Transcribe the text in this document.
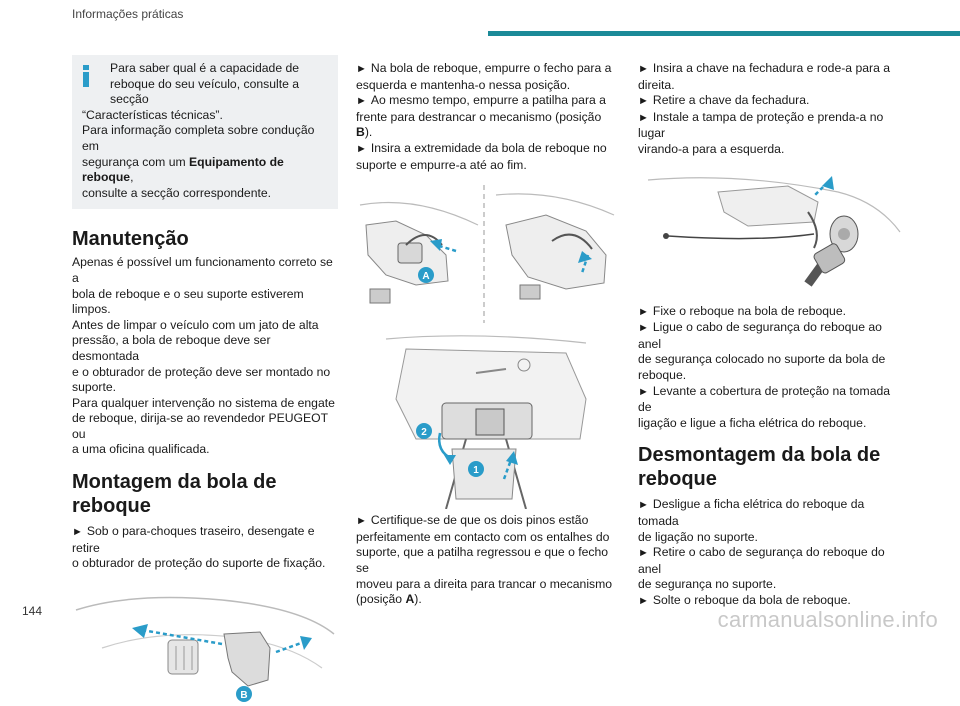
Informações práticas

Para saber qual é a capacidade de

reboque do seu veículo, consulte a secção

“Características técnicas”.

Para informação completa sobre condução em

segurança com um Equipamento de reboque,

consulte a secção correspondente.

Manutenção

Apenas é possível um funcionamento correto se a

bola de reboque e o seu suporte estiverem limpos.

Antes de limpar o veículo com um jato de alta

pressão, a bola de reboque deve ser desmontada

e o obturador de proteção deve ser montado no

suporte.

Para qualquer intervenção no sistema de engate

de reboque, dirija-se ao revendedor PEUGEOT ou

a uma oficina qualificada.

Montagem da bola de
reboque

► Sob o para-choques traseiro, desengate e retire

o obturador de proteção do suporte de fixação.

B

► Na bola de reboque, empurre o fecho para a

esquerda e mantenha-o nessa posição.

► Ao mesmo tempo, empurre a patilha para a

frente para destrancar o mecanismo (posição B).

► Insira a extremidade da bola de reboque no

suporte e empurre-a até ao fim.

A
2
1

► Certifique-se de que os dois pinos estão

perfeitamente em contacto com os entalhes do

suporte, que a patilha regressou e que o fecho se

moveu para a direita para trancar o mecanismo

(posição A).

► Insira a chave na fechadura e rode-a para a

direita.

► Retire a chave da fechadura.

► Instale a tampa de proteção e prenda-a no lugar

virando-a para a esquerda.

► Fixe o reboque na bola de reboque.

► Ligue o cabo de segurança do reboque ao anel

de segurança colocado no suporte da bola de

reboque.

► Levante a cobertura de proteção na tomada de

ligação e ligue a ficha elétrica do reboque.

Desmontagem da bola de
reboque

► Desligue a ficha elétrica do reboque da tomada

de ligação no suporte.

► Retire o cabo de segurança do reboque do anel

de segurança no suporte.

► Solte o reboque da bola de reboque.

144	carmanualsonline.info
